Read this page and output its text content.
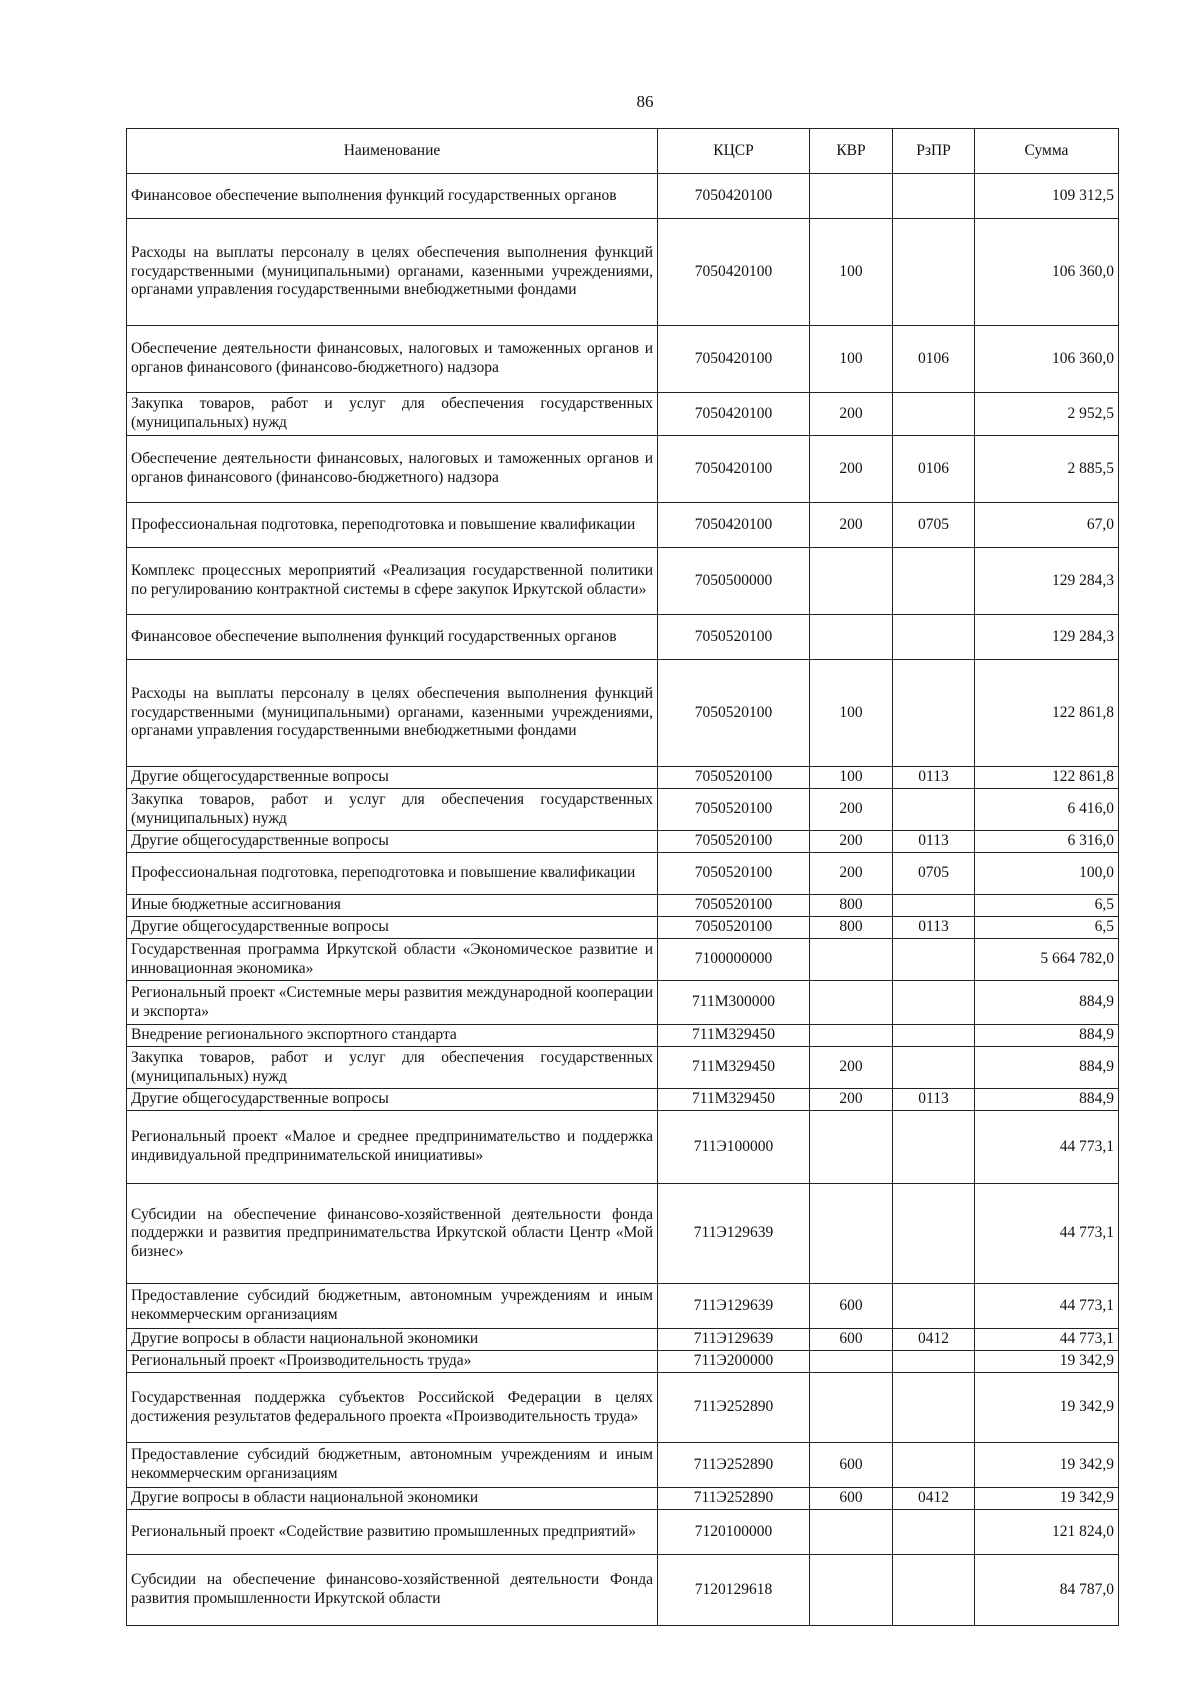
86
Наименование	КЦСР	КВР	РзПР	Сумма
Финансовое обеспечение выполнения функций государственных органов	7050420100			109 312,5
Расходы на выплаты персоналу в целях обеспечения выполнения функций государственными (муниципальными) органами, казенными учреждениями, органами управления государственными внебюджетными фондами	7050420100	100		106 360,0
Обеспечение деятельности финансовых, налоговых и таможенных органов и органов финансового (финансово-бюджетного) надзора	7050420100	100	0106	106 360,0
Закупка товаров, работ и услуг для обеспечения государственных (муниципальных) нужд	7050420100	200		2 952,5
Обеспечение деятельности финансовых, налоговых и таможенных органов и органов финансового (финансово-бюджетного) надзора	7050420100	200	0106	2 885,5
Профессиональная подготовка, переподготовка и повышение квалификации	7050420100	200	0705	67,0
Комплекс процессных мероприятий «Реализация государственной политики по регулированию контрактной системы в сфере закупок Иркутской области»	7050500000			129 284,3
Финансовое обеспечение выполнения функций государственных органов	7050520100			129 284,3
Расходы на выплаты персоналу в целях обеспечения выполнения функций государственными (муниципальными) органами, казенными учреждениями, органами управления государственными внебюджетными фондами	7050520100	100		122 861,8
Другие общегосударственные вопросы	7050520100	100	0113	122 861,8
Закупка товаров, работ и услуг для обеспечения государственных (муниципальных) нужд	7050520100	200		6 416,0
Другие общегосударственные вопросы	7050520100	200	0113	6 316,0
Профессиональная подготовка, переподготовка и повышение квалификации	7050520100	200	0705	100,0
Иные бюджетные ассигнования	7050520100	800		6,5
Другие общегосударственные вопросы	7050520100	800	0113	6,5
Государственная программа Иркутской области «Экономическое развитие и инновационная экономика»	7100000000			5 664 782,0
Региональный проект «Системные меры развития международной кооперации и экспорта»	711M300000			884,9
Внедрение регионального экспортного стандарта	711M329450			884,9
Закупка товаров, работ и услуг для обеспечения государственных (муниципальных) нужд	711M329450	200		884,9
Другие общегосударственные вопросы	711M329450	200	0113	884,9
Региональный проект «Малое и среднее предпринимательство и поддержка индивидуальной предпринимательской инициативы»	711Э100000			44 773,1
Субсидии на обеспечение финансово-хозяйственной деятельности фонда поддержки и развития предпринимательства Иркутской области Центр «Мой бизнес»	711Э129639			44 773,1
Предоставление субсидий бюджетным, автономным учреждениям и иным некоммерческим организациям	711Э129639	600		44 773,1
Другие вопросы в области национальной экономики	711Э129639	600	0412	44 773,1
Региональный проект «Производительность труда»	711Э200000			19 342,9
Государственная поддержка субъектов Российской Федерации в целях достижения результатов федерального проекта «Производительность труда»	711Э252890			19 342,9
Предоставление субсидий бюджетным, автономным учреждениям и иным некоммерческим организациям	711Э252890	600		19 342,9
Другие вопросы в области национальной экономики	711Э252890	600	0412	19 342,9
Региональный проект «Содействие развитию промышленных предприятий»	7120100000			121 824,0
Субсидии на обеспечение финансово-хозяйственной деятельности Фонда развития промышленности Иркутской области	7120129618			84 787,0
